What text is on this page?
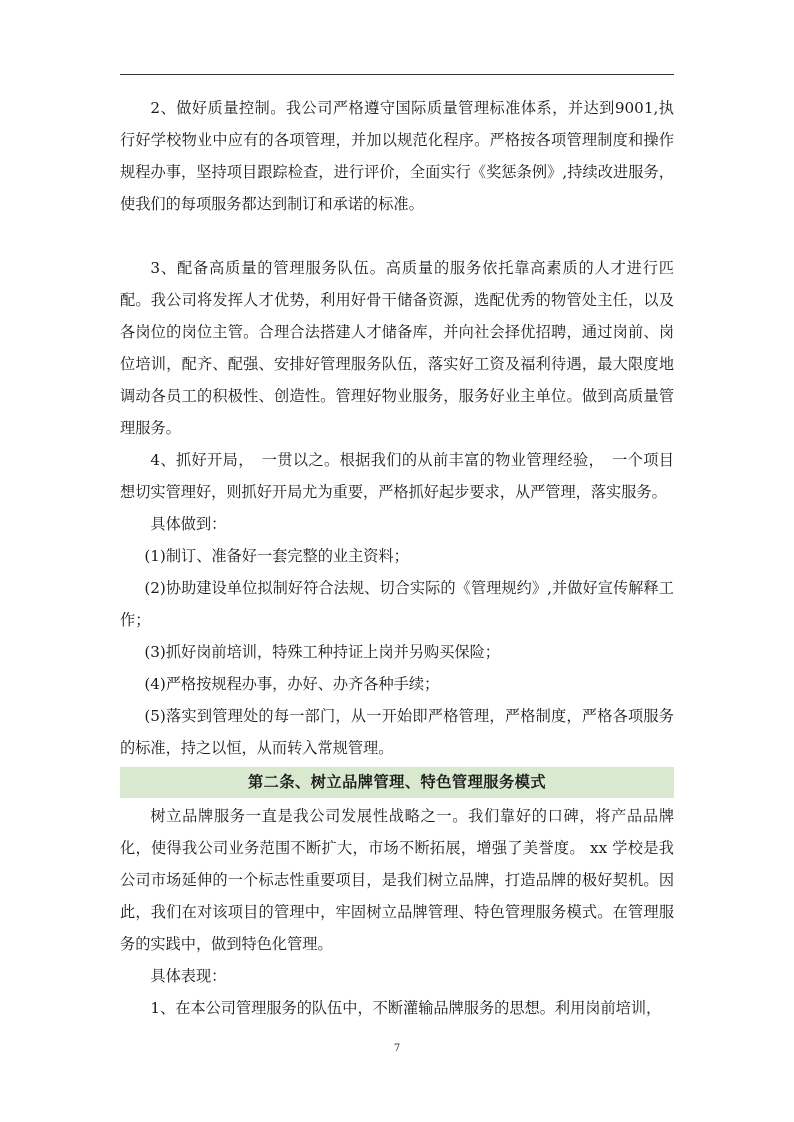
2、做好质量控制。我公司严格遵守国际质量管理标准体系，并达到9001,执行好学校物业中应有的各项管理，并加以规范化程序。严格按各项管理制度和操作规程办事，坚持项目跟踪检查，进行评价，全面实行《奖惩条例》,持续改进服务，使我们的每项服务都达到制订和承诺的标准。

3、配备高质量的管理服务队伍。高质量的服务依托靠高素质的人才进行匹配。我公司将发挥人才优势，利用好骨干储备资源，选配优秀的物管处主任，以及各岗位的岗位主管。合理合法搭建人才储备库，并向社会择优招聘，通过岗前、岗位培训，配齐、配强、安排好管理服务队伍，落实好工资及福利待遇，最大限度地调动各员工的积极性、创造性。管理好物业服务，服务好业主单位。做到高质量管理服务。

4、抓好开局，　一贯以之。根据我们的从前丰富的物业管理经验，　一个项目想切实管理好，则抓好开局尤为重要，严格抓好起步要求，从严管理，落实服务。

具体做到：

(1)制订、准备好一套完整的业主资料；

(2)协助建设单位拟制好符合法规、切合实际的《管理规约》,并做好宣传解释工作；

(3)抓好岗前培训，特殊工种持证上岗并另购买保险；

(4)严格按规程办事，办好、办齐各种手续；

(5)落实到管理处的每一部门，从一开始即严格管理，严格制度，严格各项服务的标准，持之以恒，从而转入常规管理。

第二条、树立品牌管理、特色管理服务模式

树立品牌服务一直是我公司发展性战略之一。我们靠好的口碑，将产品品牌化，使得我公司业务范围不断扩大，市场不断拓展，增强了美誉度。 xx 学校是我公司市场延伸的一个标志性重要项目，是我们树立品牌，打造品牌的极好契机。因此，我们在对该项目的管理中，牢固树立品牌管理、特色管理服务模式。在管理服务的实践中，做到特色化管理。

具体表现：

1、在本公司管理服务的队伍中，不断灌输品牌服务的思想。利用岗前培训，

7
